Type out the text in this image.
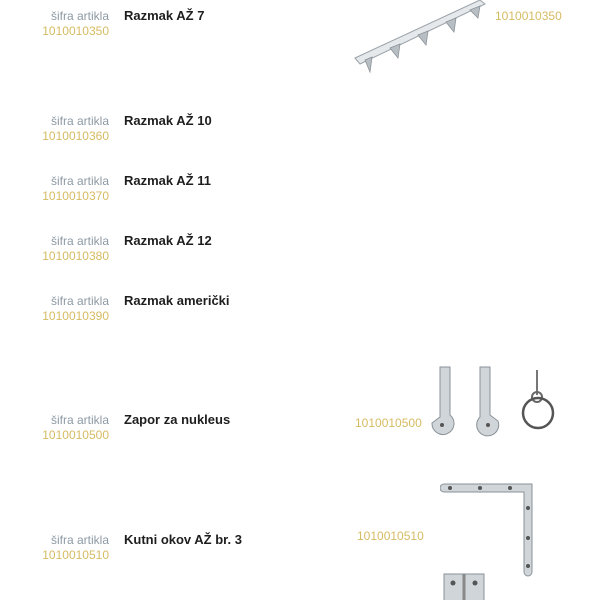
šifra artikla
1010010350
Razmak AŽ 7
šifra artikla
1010010360
Razmak AŽ 10
šifra artikla
1010010370
Razmak AŽ 11
šifra artikla
1010010380
Razmak AŽ 12
šifra artikla
1010010390
Razmak američki
šifra artikla
1010010500
Zapor za nukleus
šifra artikla
1010010510
Kutni okov AŽ br. 3
1010010350
1010010500
1010010510
